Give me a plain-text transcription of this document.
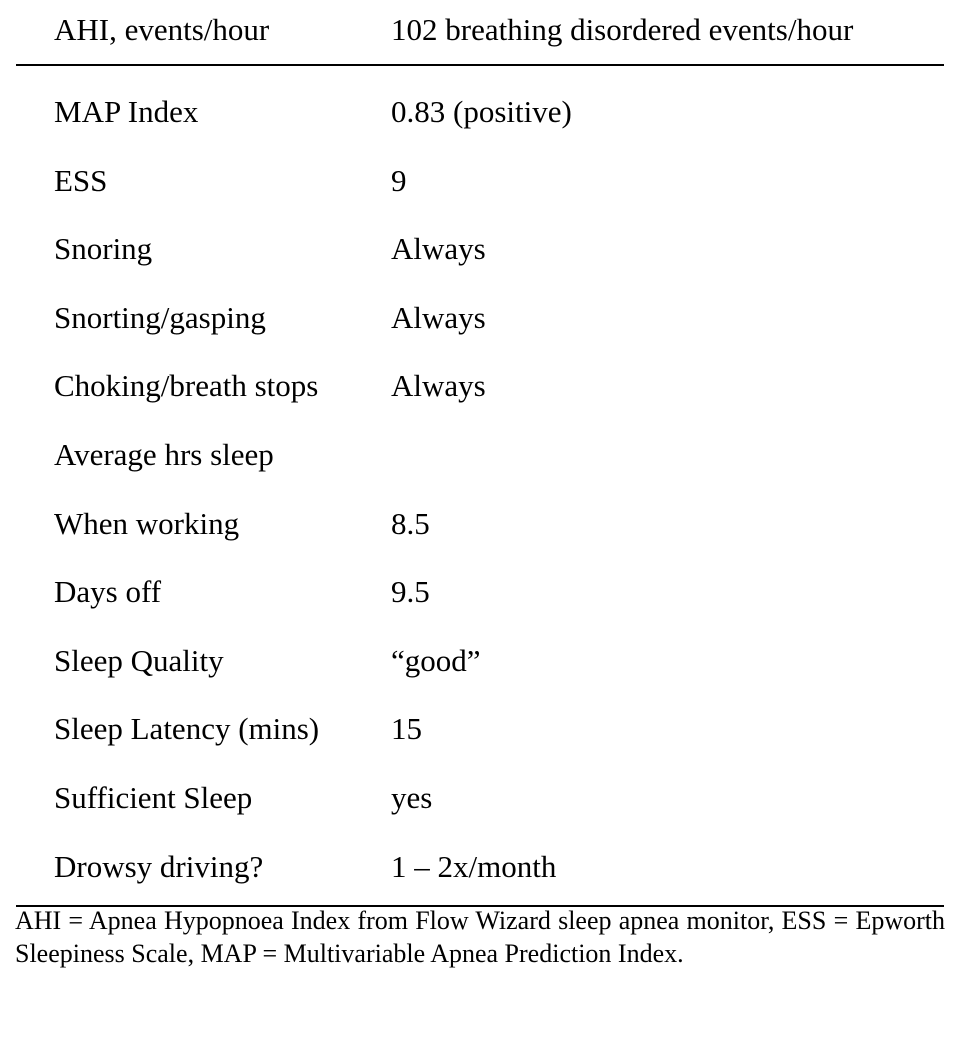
AHI, events/hour	102 breathing disordered events/hour
MAP Index	0.83 (positive)
ESS	9
Snoring	Always
Snorting/gasping	Always
Choking/breath stops Always
Average hrs sleep
When working	8.5
Days off	9.5
Sleep Quality	“good”
Sleep Latency (mins) 15
Sufficient Sleep	yes
Drowsy driving?	1 – 2x/month
AHI = Apnea Hypopnoea Index from Flow Wizard sleep apnea monitor, ESS = Epworth Sleepiness Scale, MAP = Multivariable Apnea Prediction Index.
